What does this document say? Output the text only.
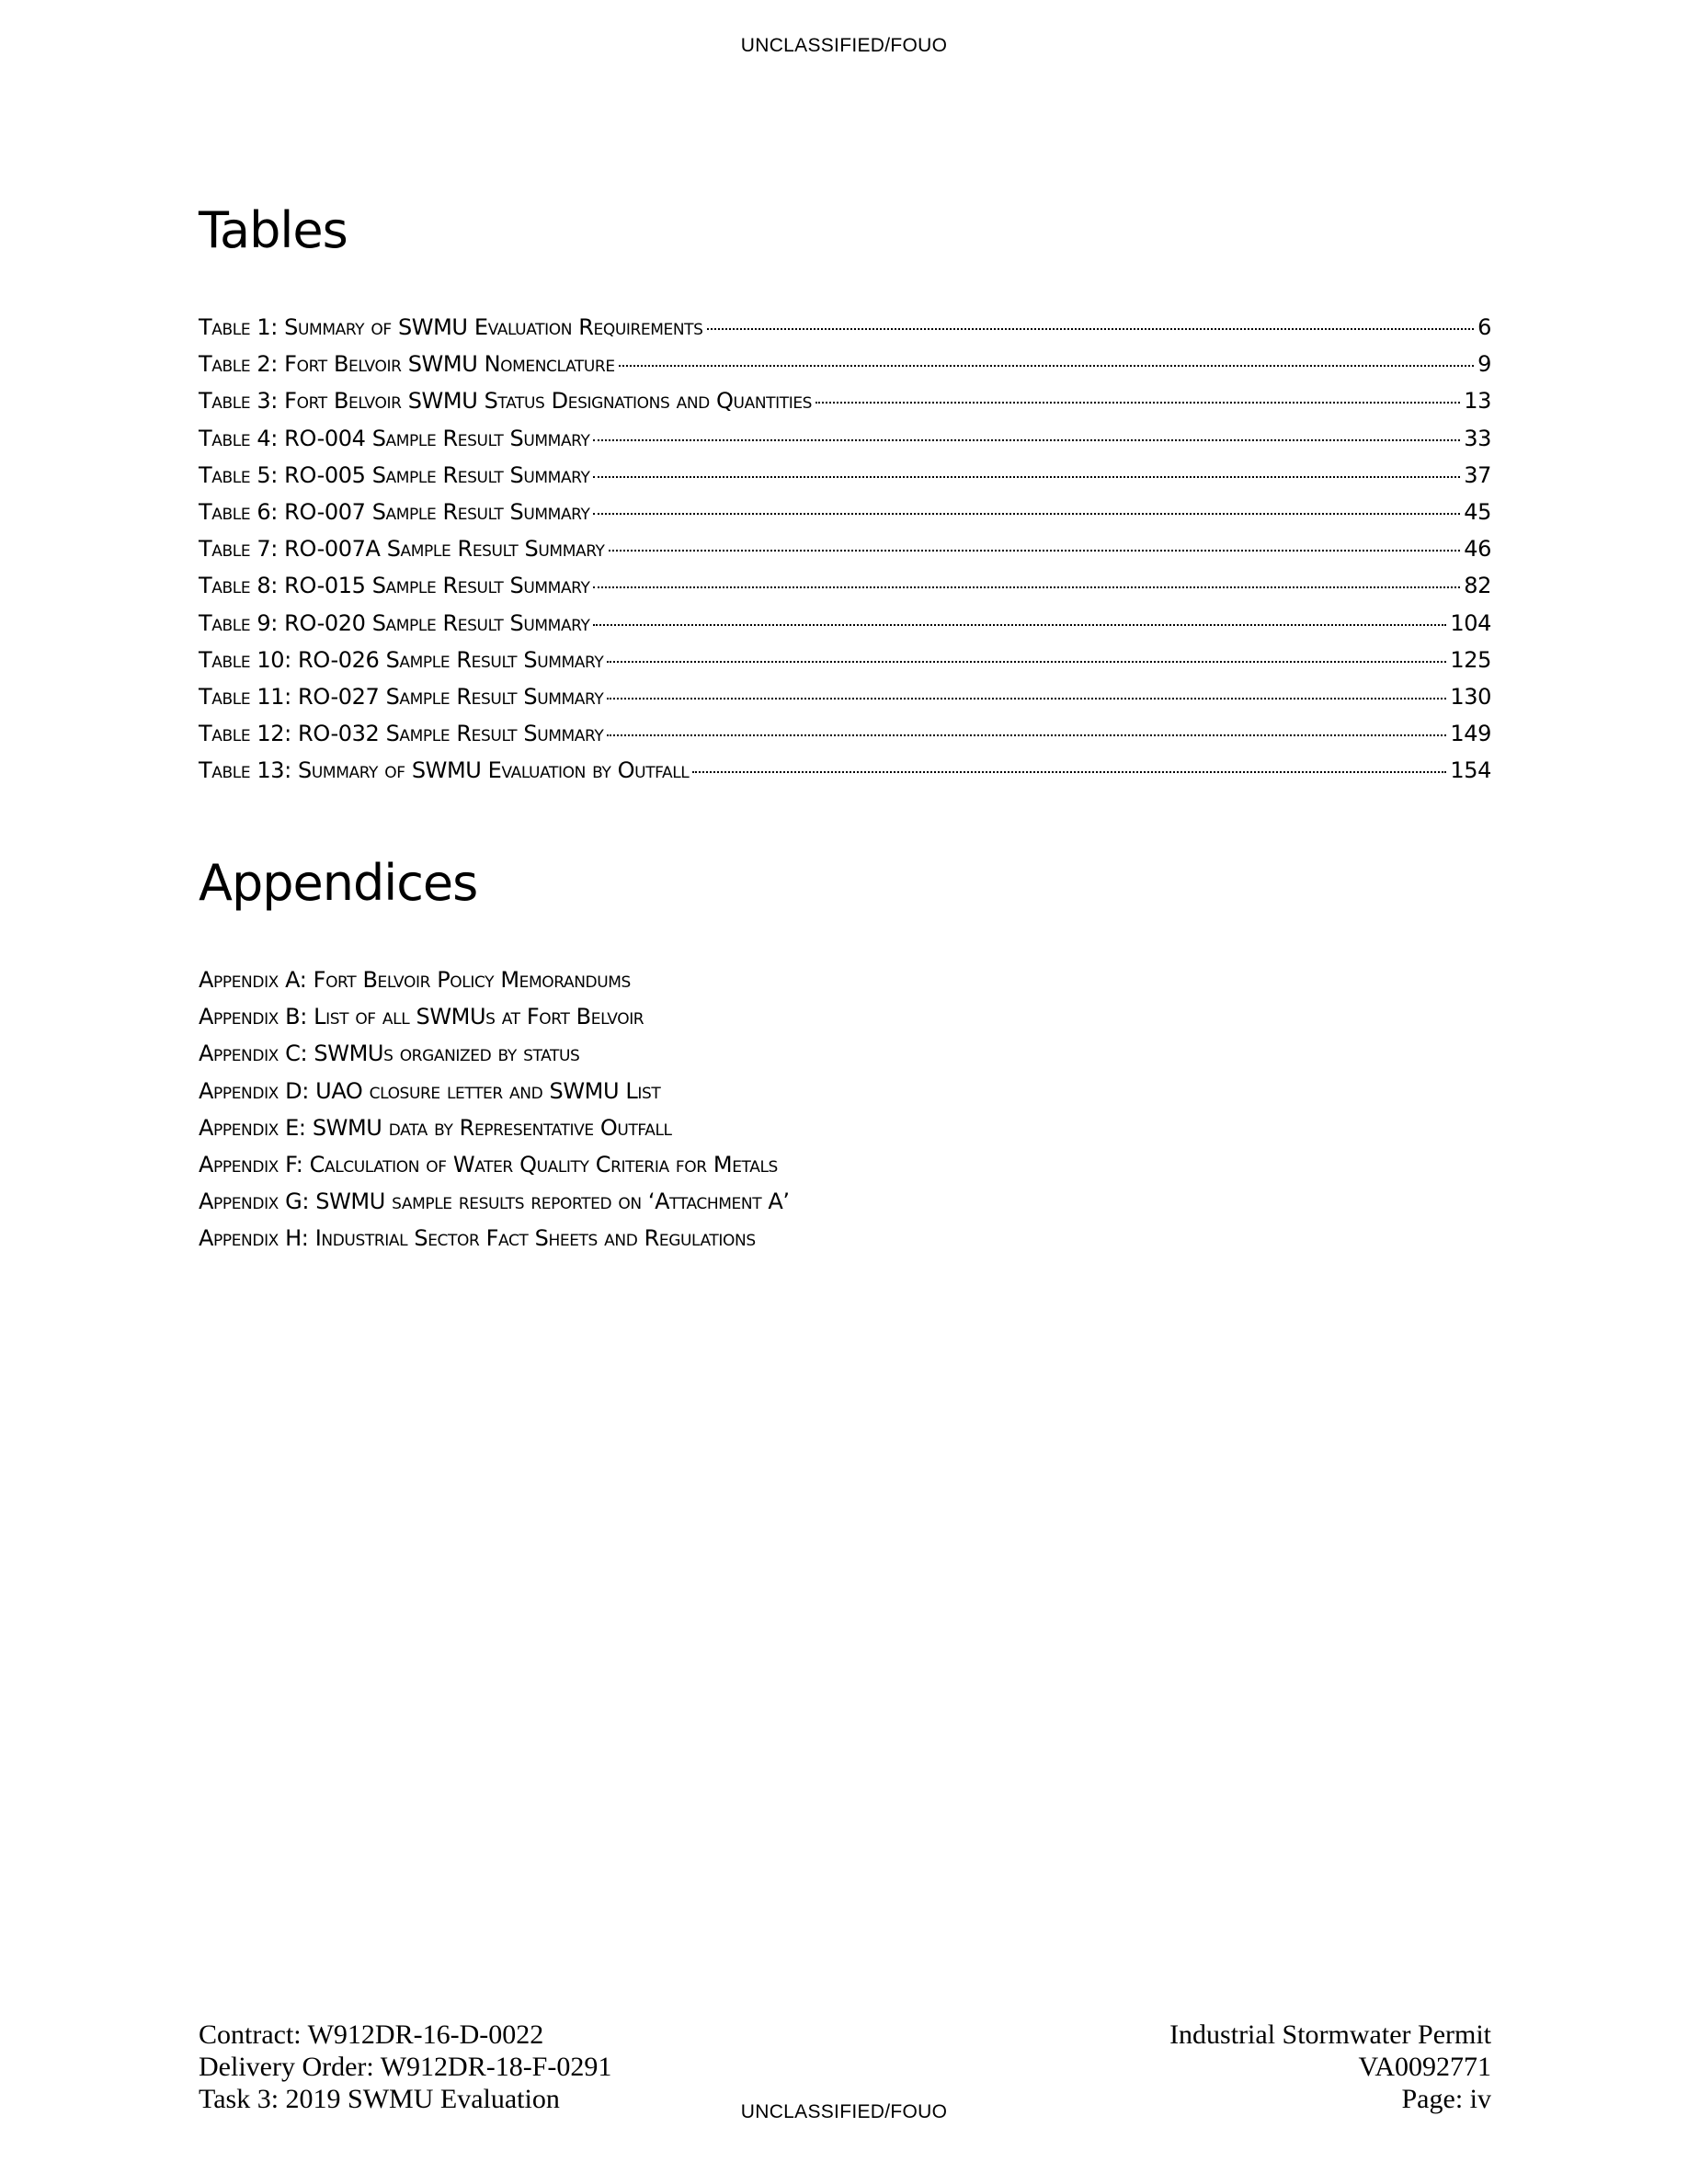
UNCLASSIFIED/FOUO
Tables
Table 1: Summary of SWMU Evaluation Requirements	6
Table 2: Fort Belvoir SWMU Nomenclature	9
Table 3: Fort Belvoir SWMU Status Designations and Quantities	13
Table 4: RO-004 Sample Result Summary	33
Table 5: RO-005 Sample Result Summary	37
Table 6: RO-007 Sample Result Summary	45
Table 7: RO-007A Sample Result Summary	46
Table 8: RO-015 Sample Result Summary	82
Table 9: RO-020 Sample Result Summary	104
Table 10: RO-026 Sample Result Summary	125
Table 11: RO-027 Sample Result Summary	130
Table 12: RO-032 Sample Result Summary	149
Table 13: Summary of SWMU Evaluation by Outfall	154
Appendices
Appendix A: Fort Belvoir Policy Memorandums
Appendix B: List of all SWMUs at Fort Belvoir
Appendix C: SWMUs organized by status
Appendix D: UAO closure letter and SWMU List
Appendix E: SWMU data by Representative Outfall
Appendix F: Calculation of Water Quality Criteria for Metals
Appendix G: SWMU sample results reported on ‘Attachment A’
Appendix H: Industrial Sector Fact Sheets and Regulations
Contract: W912DR-16-D-0022
Delivery Order: W912DR-18-F-0291
Task 3: 2019 SWMU Evaluation
Industrial Stormwater Permit
VA0092771
Page: iv
UNCLASSIFIED/FOUO
